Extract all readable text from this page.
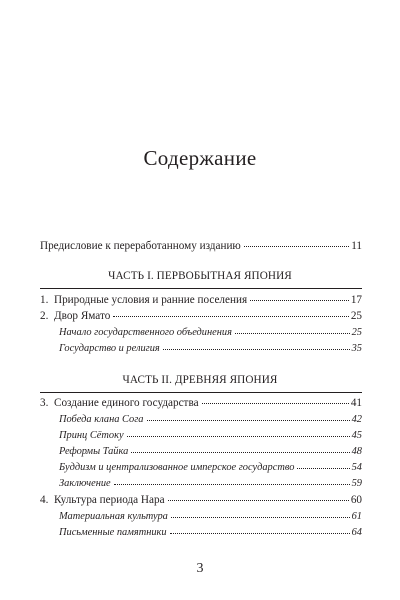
Содержание
Предисловие к переработанному изданию	11
ЧАСТЬ I. ПЕРВОБЫТНАЯ ЯПОНИЯ
1. Природные условия и ранние поселения	17
2. Двор Ямато	25
Начало государственного объединения	25
Государство и религия	35
ЧАСТЬ II. ДРЕВНЯЯ ЯПОНИЯ
3. Создание единого государства	41
Победа клана Сога	42
Принц Сётоку	45
Реформы Тайка	48
Буддизм и централизованное имперское государство	54
Заключение	59
4. Культура периода Нара	60
Материальная культура	61
Письменные памятники	64
3
